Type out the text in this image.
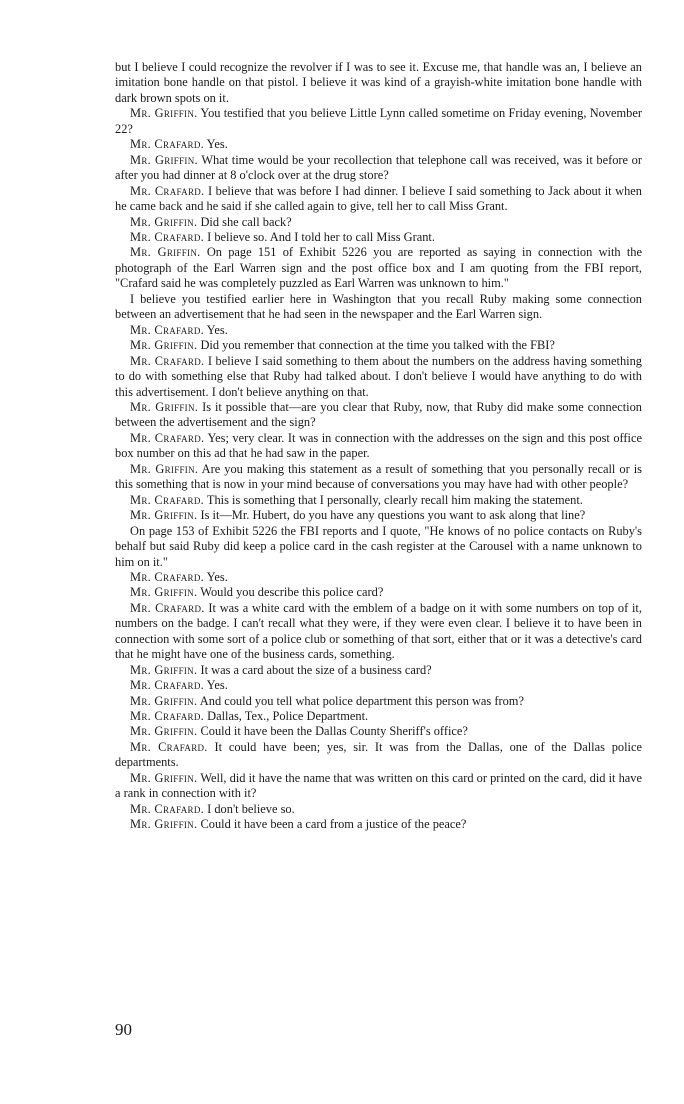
but I believe I could recognize the revolver if I was to see it. Excuse me, that handle was an, I believe an imitation bone handle on that pistol. I believe it was kind of a grayish-white imitation bone handle with dark brown spots on it.

Mr. Griffin. You testified that you believe Little Lynn called sometime on Friday evening, November 22?

Mr. Crafard. Yes.

Mr. Griffin. What time would be your recollection that telephone call was received, was it before or after you had dinner at 8 o'clock over at the drug store?

Mr. Crafard. I believe that was before I had dinner. I believe I said something to Jack about it when he came back and he said if she called again to give, tell her to call Miss Grant.

Mr. Griffin. Did she call back?

Mr. Crafard. I believe so. And I told her to call Miss Grant.

Mr. Griffin. On page 151 of Exhibit 5226 you are reported as saying in connection with the photograph of the Earl Warren sign and the post office box and I am quoting from the FBI report, "Crafard said he was completely puzzled as Earl Warren was unknown to him."

I believe you testified earlier here in Washington that you recall Ruby making some connection between an advertisement that he had seen in the newspaper and the Earl Warren sign.

Mr. Crafard. Yes.

Mr. Griffin. Did you remember that connection at the time you talked with the FBI?

Mr. Crafard. I believe I said something to them about the numbers on the address having something to do with something else that Ruby had talked about. I don't believe I would have anything to do with this advertisement. I don't believe anything on that.

Mr. Griffin. Is it possible that—are you clear that Ruby, now, that Ruby did make some connection between the advertisement and the sign?

Mr. Crafard. Yes; very clear. It was in connection with the addresses on the sign and this post office box number on this ad that he had saw in the paper.

Mr. Griffin. Are you making this statement as a result of something that you personally recall or is this something that is now in your mind because of conversations you may have had with other people?

Mr. Crafard. This is something that I personally, clearly recall him making the statement.

Mr. Griffin. Is it—Mr. Hubert, do you have any questions you want to ask along that line?

On page 153 of Exhibit 5226 the FBI reports and I quote, "He knows of no police contacts on Ruby's behalf but said Ruby did keep a police card in the cash register at the Carousel with a name unknown to him on it."

Mr. Crafard. Yes.

Mr. Griffin. Would you describe this police card?

Mr. Crafard. It was a white card with the emblem of a badge on it with some numbers on top of it, numbers on the badge. I can't recall what they were, if they were even clear. I believe it to have been in connection with some sort of a police club or something of that sort, either that or it was a detective's card that he might have one of the business cards, something.

Mr. Griffin. It was a card about the size of a business card?

Mr. Crafard. Yes.

Mr. Griffin. And could you tell what police department this person was from?

Mr. Crafard. Dallas, Tex., Police Department.

Mr. Griffin. Could it have been the Dallas County Sheriff's office?

Mr. Crafard. It could have been; yes, sir. It was from the Dallas, one of the Dallas police departments.

Mr. Griffin. Well, did it have the name that was written on this card or printed on the card, did it have a rank in connection with it?

Mr. Crafard. I don't believe so.

Mr. Griffin. Could it have been a card from a justice of the peace?

90
